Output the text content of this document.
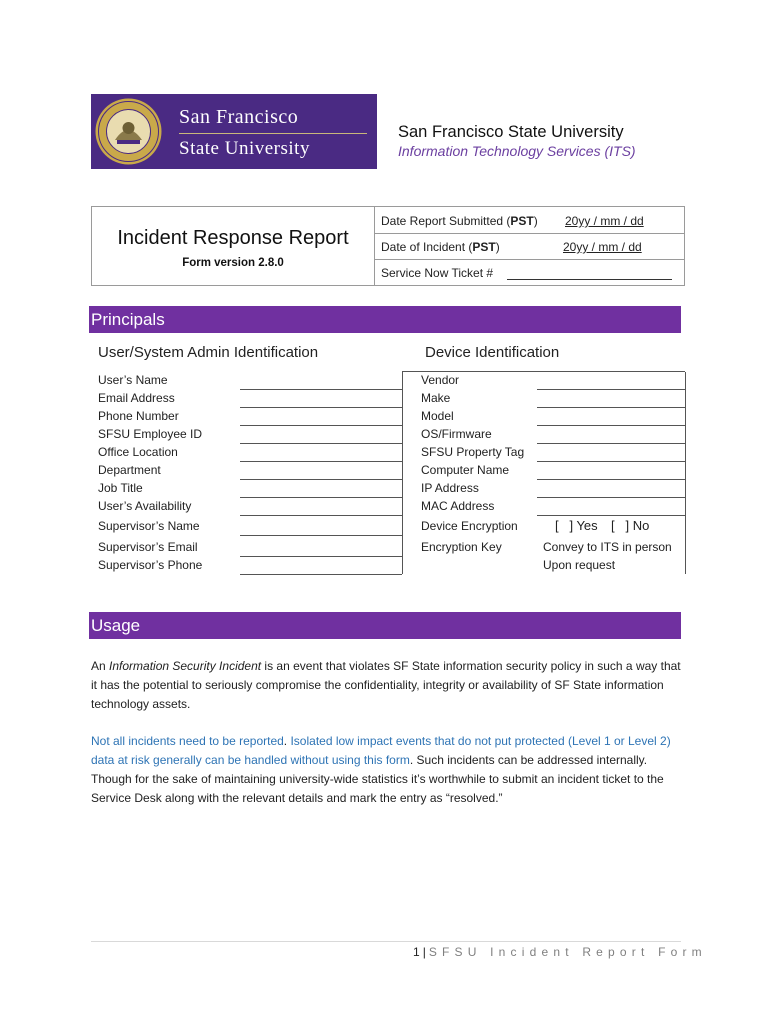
San Francisco
State University
San Francisco State University
Information Technology Services (ITS)
Incident Response Report
Form version 2.8.0
Date Report Submitted (PST) 20yy / mm / dd
Date of Incident (PST)	20yy / mm / dd
Service Now Ticket #
Principals
User/System Admin Identification	Device Identification
User’s Name
Email Address
Phone Number
SFSU Employee ID
Office Location
Department
Job Title
User’s Availability
Supervisor’s Name
Supervisor’s Email
Supervisor’s Phone
Vendor
Make
Model
OS/Firmware
SFSU Property Tag
Computer Name
IP Address
MAC Address
Device Encryption
Encryption Key
[   ] Yes [   ] No
Convey to ITS in person
Upon request
Usage
An Information Security Incident is an event that violates SF State information security policy in such a way that it has the potential to seriously compromise the confidentiality, integrity or availability of SF State information technology assets.
Not all incidents need to be reported. Isolated low impact events that do not put protected (Level 1 or Level 2) data at risk generally can be handled without using this form. Such incidents can be addressed internally. Though for the sake of maintaining university-wide statistics it’s worthwhile to submit an incident ticket to the Service Desk along with the relevant details and mark the entry as “resolved.”
1 | SFSU Incident Report Form
